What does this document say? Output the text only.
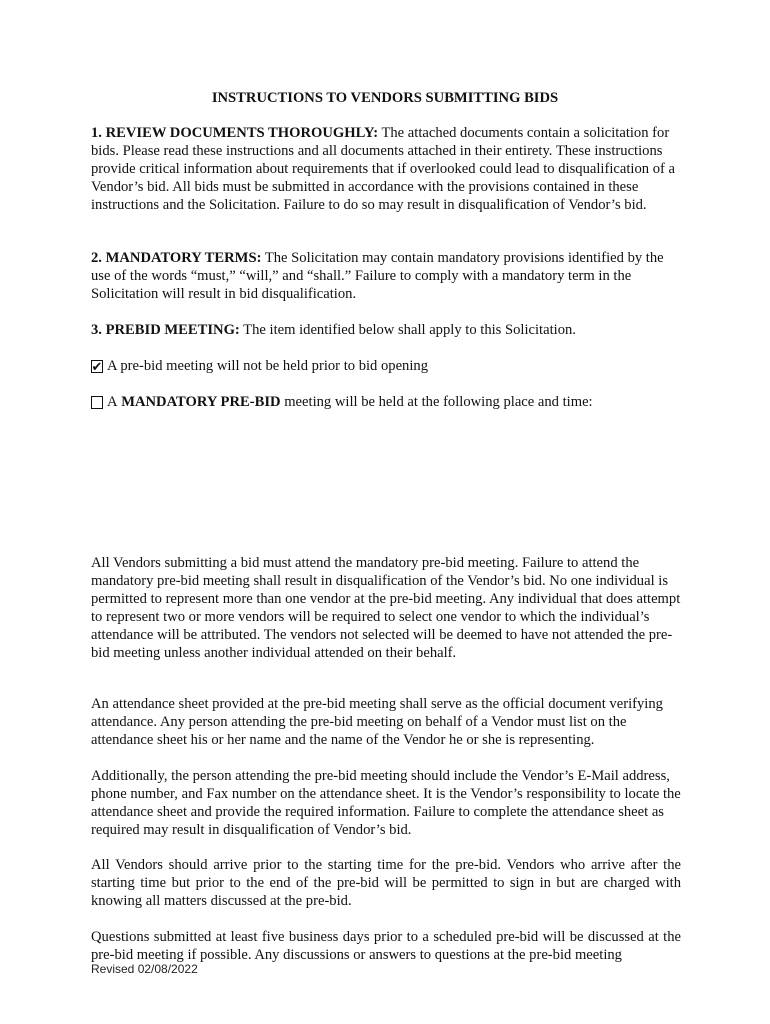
INSTRUCTIONS TO VENDORS SUBMITTING BIDS

1. REVIEW DOCUMENTS THOROUGHLY: The attached documents contain a solicitation for bids. Please read these instructions and all documents attached in their entirety. These instructions provide critical information about requirements that if overlooked could lead to disqualification of a Vendor’s bid. All bids must be submitted in accordance with the provisions contained in these instructions and the Solicitation. Failure to do so may result in disqualification of Vendor’s bid.

2. MANDATORY TERMS: The Solicitation may contain mandatory provisions identified by the use of the words “must,” “will,” and “shall.” Failure to comply with a mandatory term in the Solicitation will result in bid disqualification.

3. PREBID MEETING: The item identified below shall apply to this Solicitation.

✔ A pre-bid meeting will not be held prior to bid opening
A
MANDATORY PRE-BID
meeting will be held at the following place and time:

All Vendors submitting a bid must attend the mandatory pre-bid meeting. Failure to attend the mandatory pre-bid meeting shall result in disqualification of the Vendor’s bid. No one individual is permitted to represent more than one vendor at the pre-bid meeting. Any individual that does attempt to represent two or more vendors will be required to select one vendor to which the individual’s attendance will be attributed. The vendors not selected will be deemed to have not attended the pre-bid meeting unless another individual attended on their behalf.

An attendance sheet provided at the pre-bid meeting shall serve as the official document verifying attendance. Any person attending the pre-bid meeting on behalf of a Vendor must list on the attendance sheet his or her name and the name of the Vendor he or she is representing.

Additionally, the person attending the pre-bid meeting should include the Vendor’s E-Mail address, phone number, and Fax number on the attendance sheet. It is the Vendor’s responsibility to locate the attendance sheet and provide the required information. Failure to complete the attendance sheet as required may result in disqualification of Vendor’s bid.

All Vendors should arrive prior to the starting time for the pre-bid. Vendors who arrive after the starting time but prior to the end of the pre-bid will be permitted to sign in but are charged with knowing all matters discussed at the pre-bid.

Questions submitted at least five business days prior to a scheduled pre-bid will be discussed at the pre-bid meeting if possible. Any discussions or answers to questions at the pre-bid meeting

Revised 02/08/2022
